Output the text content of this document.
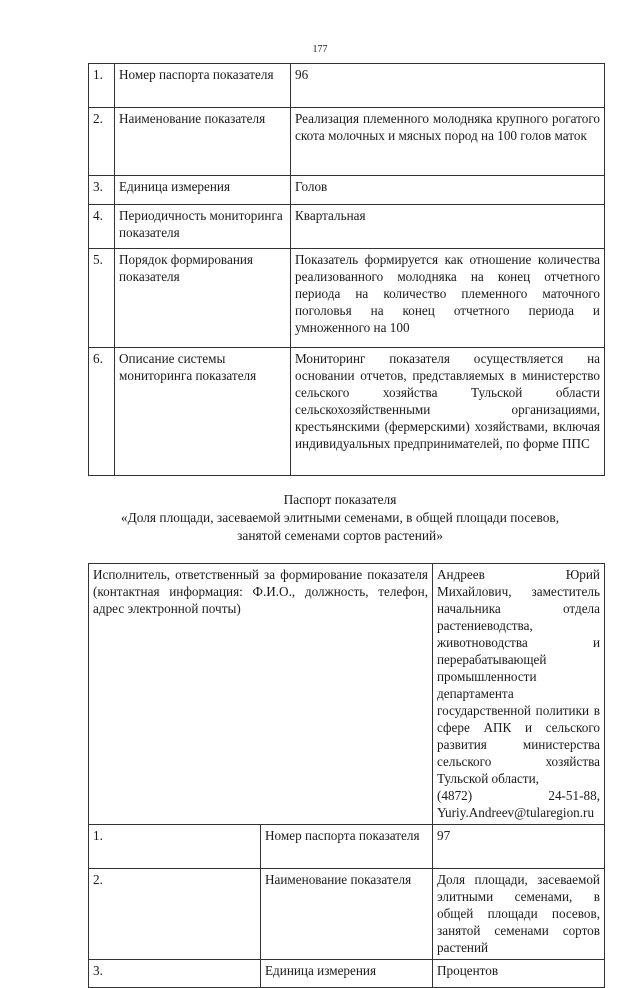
177
1.	Номер паспорта показателя	96
2.	Наименование показателя	Реализация племенного молодняка крупного рогатого скота молочных и мясных пород на 100 голов маток
3.	Единица измерения	Голов
4.	Периодичность мониторинга показателя	Квартальная
5.	Порядок формирования показателя	Показатель формируется как отношение количества реализованного молодняка на конец отчетного периода на количество племенного маточного поголовья на конец отчетного периода и умноженного на 100
6.	Описание системы мониторинга показателя	Мониторинг показателя осуществляется на основании отчетов, представляемых в министерство сельского хозяйства Тульской области сельскохозяйственными организациями, крестьянскими (фермерскими) хозяйствами, включая индивидуальных предпринимателей, по форме ППС

Паспорт показателя

«Доля площади, засеваемой элитными семенами, в общей площади посевов,

занятой семенами сортов растений»

Исполнитель, ответственный за формирование показателя (контактная информация: Ф.И.О., должность, телефон, адрес электронной почты)		Андреев Юрий Михайлович, заместитель начальника отдела растениеводства, животноводства и перерабатывающей промышленности департамента государственной политики в сфере АПК и сельского развития министерства сельского хозяйства Тульской области,
(4872) 24-51-88, Yuriy.Andreev@tularegion.ru
1.	Номер паспорта показателя	97
2.	Наименование показателя	Доля площади, засеваемой элитными семенами, в общей площади посевов, занятой семенами сортов растений
3.	Единица измерения	Процентов
